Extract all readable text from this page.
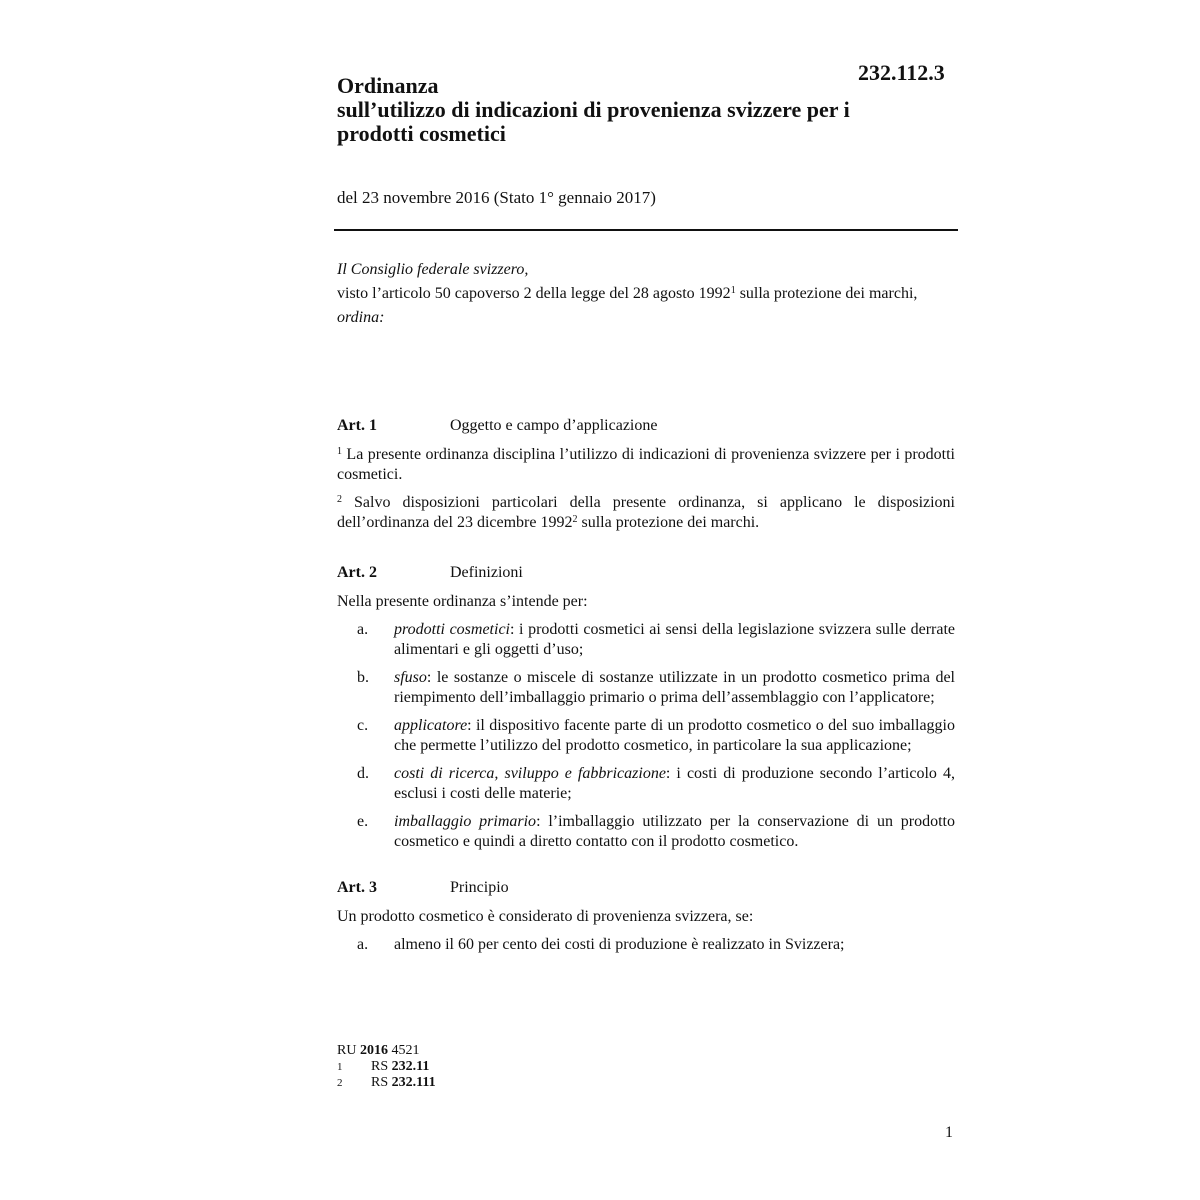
232.112.3
Ordinanza
sull’utilizzo di indicazioni di provenienza svizzere per i
prodotti cosmetici
del 23 novembre 2016 (Stato 1° gennaio 2017)
Il Consiglio federale svizzero,
visto l’articolo 50 capoverso 2 della legge del 28 agosto 1992$^1$ sulla protezione dei marchi,
ordina:
Art. 1	Oggetto e campo d’applicazione
$^1$ La presente ordinanza disciplina l’utilizzo di indicazioni di provenienza svizzere per i prodotti cosmetici.
$^2$ Salvo disposizioni particolari della presente ordinanza, si applicano le disposizioni dell’ordinanza del 23 dicembre 1992$^2$ sulla protezione dei marchi.
Art. 2	Definizioni
Nella presente ordinanza s’intende per:
a.	prodotti cosmetici: i prodotti cosmetici ai sensi della legislazione svizzera sulle derrate alimentari e gli oggetti d’uso;
b.	sfuso: le sostanze o miscele di sostanze utilizzate in un prodotto cosmetico prima del riempimento dell’imballaggio primario o prima dell’assemblaggio con l’applicatore;
c.	applicatore: il dispositivo facente parte di un prodotto cosmetico o del suo imballaggio che permette l’utilizzo del prodotto cosmetico, in particolare la sua applicazione;
d.	costi di ricerca, sviluppo e fabbricazione: i costi di produzione secondo l’articolo 4, esclusi i costi delle materie;
e.	imballaggio primario: l’imballaggio utilizzato per la conservazione di un prodotto cosmetico e quindi a diretto contatto con il prodotto cosmetico.
Art. 3	Principio
Un prodotto cosmetico è considerato di provenienza svizzera, se:
a.	almeno il 60 per cento dei costi di produzione è realizzato in Svizzera;
RU 2016 4521
1	RS 232.11
2	RS 232.111
1
